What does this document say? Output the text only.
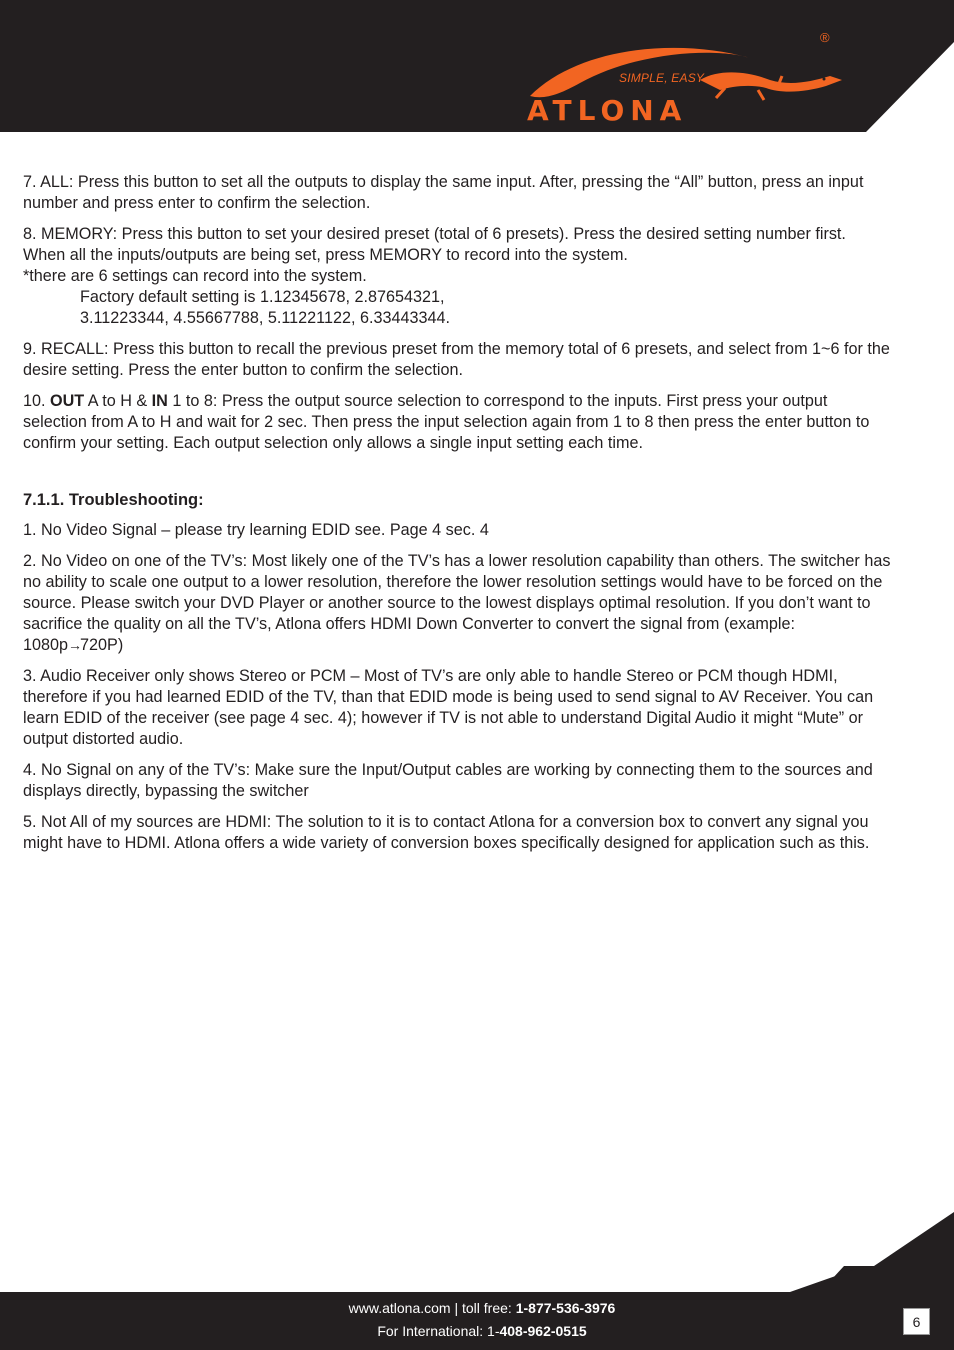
SIMPLE, EASY
®
ATLONA

7. ALL: Press this button to set all the outputs to display the same input. After, pressing the “All” button, press an input number and press enter to confirm the selection.

8. MEMORY: Press this button to set your desired preset (total of 6 presets). Press the desired setting number first. When all the inputs/outputs are being set, press MEMORY to record into the system.
*there are 6 settings can record into the system.
Factory default setting is 1.12345678, 2.87654321,
3.11223344, 4.55667788, 5.11221122, 6.33443344.

9. RECALL: Press this button to recall the previous preset from the memory total of 6 presets, and select from 1~6 for the desire setting. Press the enter button to confirm the selection.

10. OUT A to H & IN 1 to 8: Press the output source selection to correspond to the inputs. First press your output selection from A to H and wait for 2 sec. Then press the input selection again from 1 to 8 then press the enter button to confirm your setting. Each output selection only allows a single input setting each time.

7.1.1. Troubleshooting:

1. No Video Signal – please try learning EDID see. Page 4 sec. 4

2. No Video on one of the TV’s: Most likely one of the TV’s has a lower resolution capability than others. The switcher has no ability to scale one output to a lower resolution, therefore the lower resolution settings would have to be forced on the source. Please switch your DVD Player or another source to the lowest displays optimal resolution. If you don’t want to sacrifice the quality on all the TV’s, Atlona offers HDMI Down Converter to convert the signal from (example: 1080p→720P)

3. Audio Receiver only shows Stereo or PCM – Most of TV’s are only able to handle Stereo or PCM though HDMI, therefore if you had learned EDID of the TV, than that EDID mode is being used to send signal to AV Receiver. You can learn EDID of the receiver (see page 4 sec. 4); however if TV is not able to understand Digital Audio it might “Mute” or output distorted audio.

4. No Signal on any of the TV’s: Make sure the Input/Output cables are working by connecting them to the sources and displays directly, bypassing the switcher

5. Not All of my sources are HDMI: The solution to it is to contact Atlona for a conversion box to convert any signal you might have to HDMI. Atlona offers a wide variety of conversion boxes specifically designed for application such as this.

www.atlona.com | toll free: 1-877-536-3976
For International: 1-408-962-0515
6
